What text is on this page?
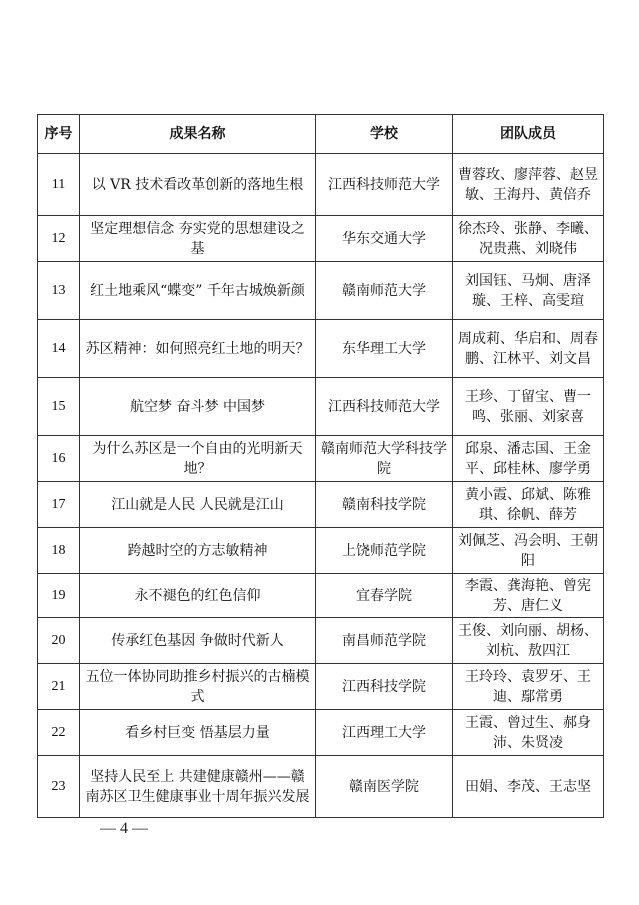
序号	成果名称	学校	团队成员
11	以 VR 技术看改革创新的落地生根	江西科技师范大学	曹蓉玫、廖萍蓉、赵昱敏、王海丹、黄倍乔
12	坚定理想信念 夯实党的思想建设之基	华东交通大学	徐杰玲、张静、李曦、况贵燕、刘晓伟
13	红土地乘风“蝶变” 千年古城焕新颜	赣南师范大学	刘国钰、马炯、唐泽璇、王梓、高雯瑄
14	苏区精神：如何照亮红土地的明天？	东华理工大学	周成莉、华启和、周春鹏、江林平、刘文昌
15	航空梦 奋斗梦 中国梦	江西科技师范大学	王珍、丁留宝、曹一鸣、张丽、刘家喜
16	为什么苏区是一个自由的光明新天地？	赣南师范大学科技学院	邱泉、潘志国、王金平、邱桂林、廖学勇
17	江山就是人民 人民就是江山	赣南科技学院	黄小霞、邱斌、陈雅琪、徐帆、薛芳
18	跨越时空的方志敏精神	上饶师范学院	刘佩芝、冯会明、王朝阳
19	永不褪色的红色信仰	宜春学院	李霞、龚海艳、曾宪芳、唐仁义
20	传承红色基因 争做时代新人	南昌师范学院	王俊、刘向丽、胡杨、刘杭、敖四江
21	五位一体协同助推乡村振兴的古楠模式	江西科技学院	王玲玲、袁罗牙、王迪、鄢常勇
22	看乡村巨变 悟基层力量	江西理工大学	王霞、曾过生、郝身沛、朱贤凌
23	坚持人民至上 共建健康赣州——赣南苏区卫生健康事业十周年振兴发展	赣南医学院	田娟、李茂、王志坚
— 4 —
